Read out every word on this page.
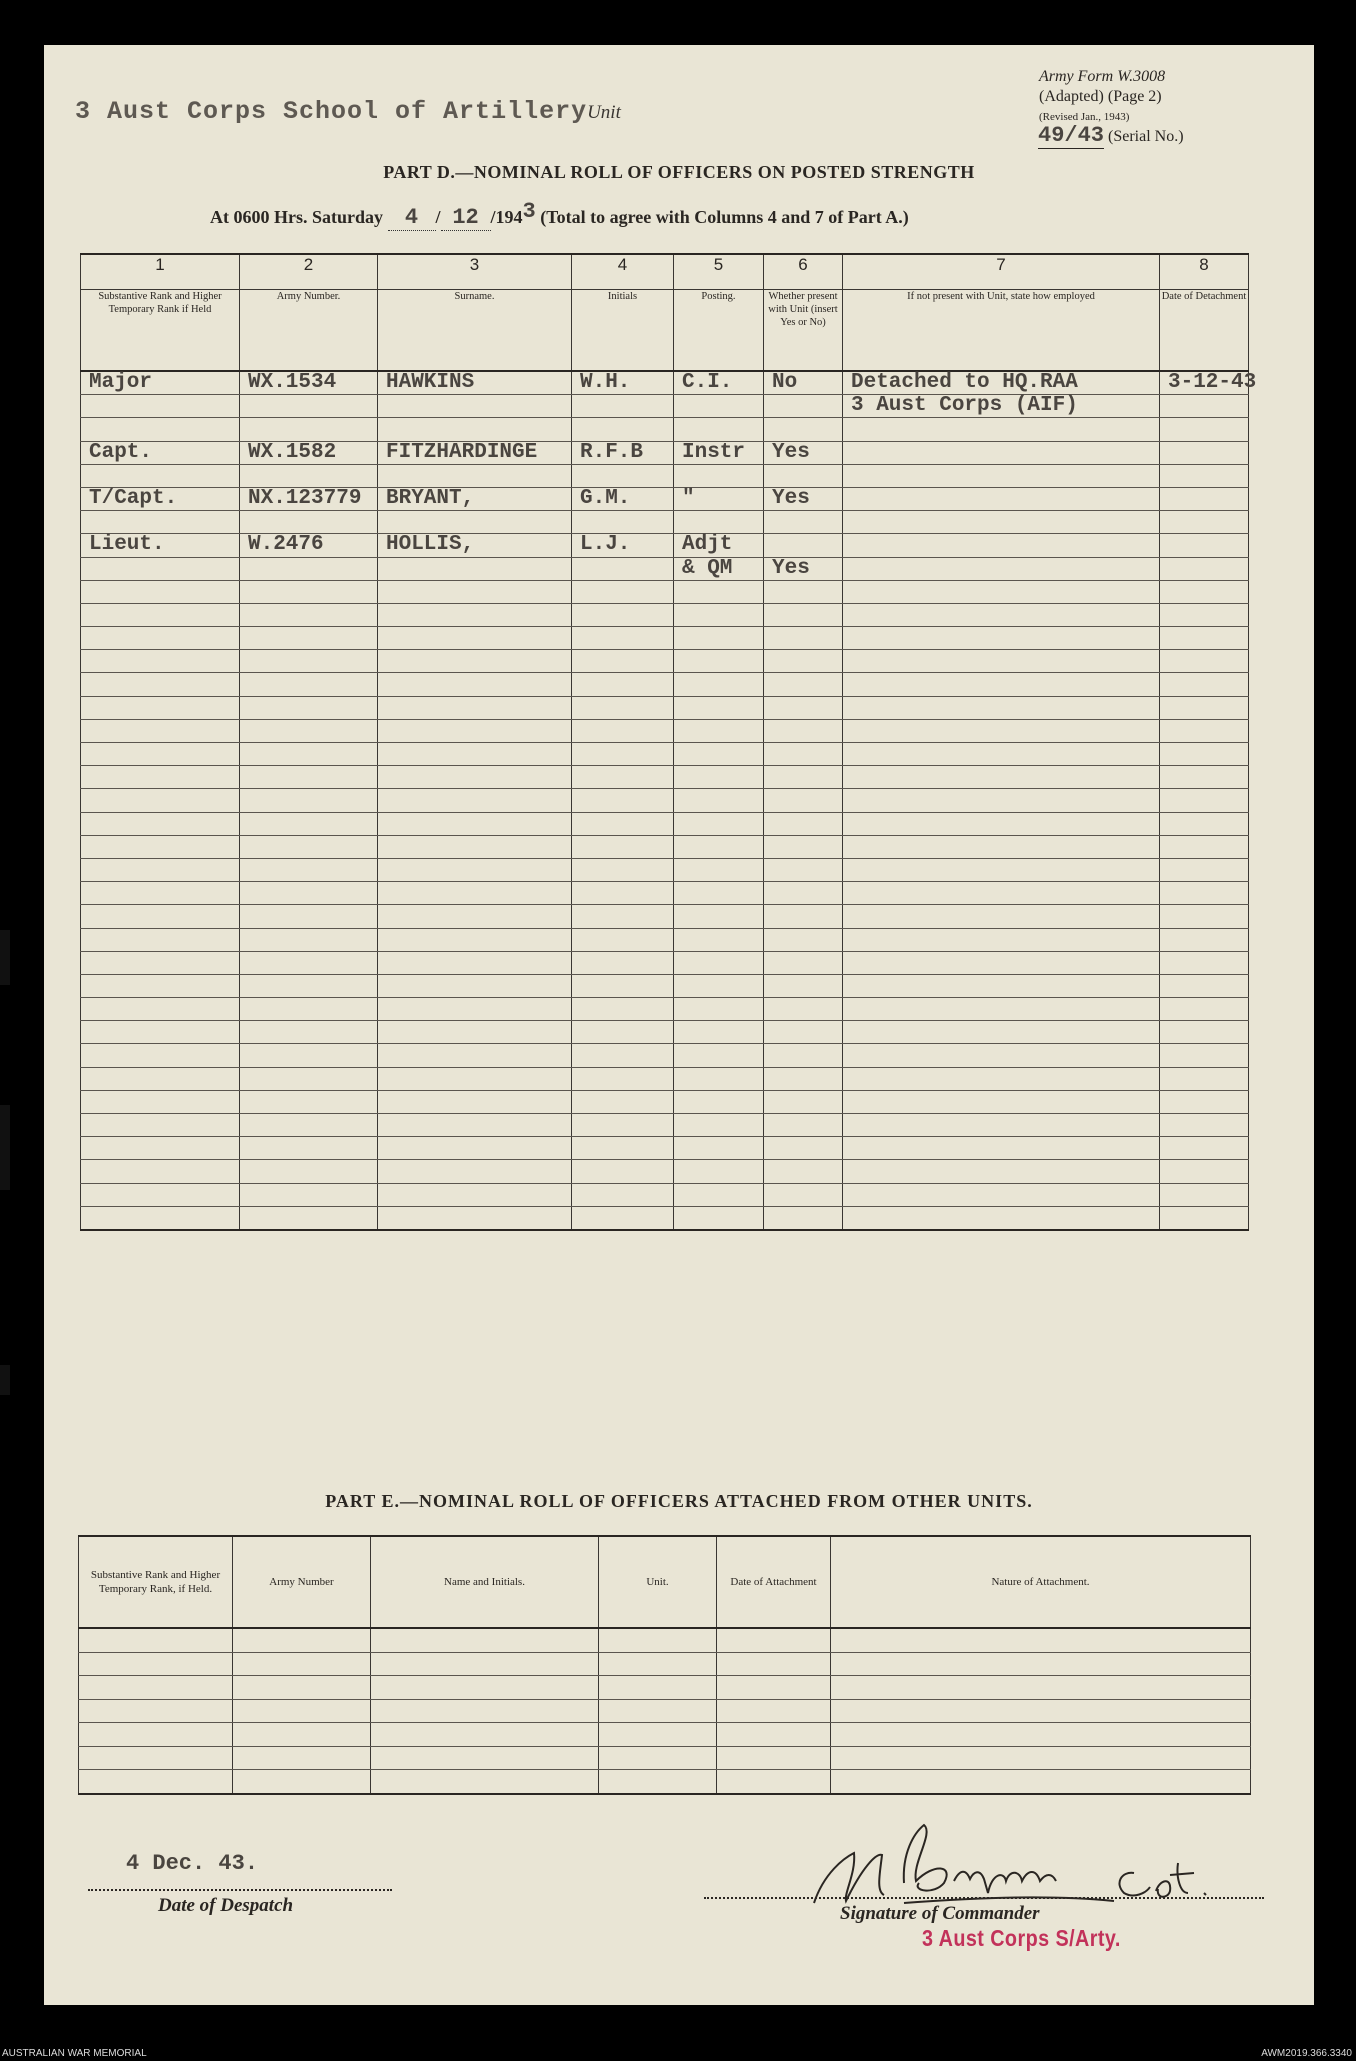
3 Aust Corps School of ArtilleryUnit
Army Form W.3008
(Adapted) (Page 2)
(Revised Jan., 1943)
49/43 (Serial No.)
PART D.—NOMINAL ROLL OF OFFICERS ON POSTED STRENGTH
At 0600 Hrs. Saturday 4 / 12 /1943 (Total to agree with Columns 4 and 7 of Part A.)
1	2	3	4	5	6	7	8
Substantive Rank and Higher Temporary Rank if Held	Army Number.	Surname.	Initials	Posting.	Whether present with Unit (insert Yes or No)	If not present with Unit, state how employed	Date of Detachment
Major	WX.1534	HAWKINS	W.H.	C.I.	No	Detached to HQ.RAA	3-12-43
						3 Aust Corps (AIF)	

Capt.	WX.1582	FITZHARDINGE	R.F.B	Instr	Yes		

T/Capt.	NX.123779	BRYANT,	G.M.	"	Yes		

Lieut.	W.2476	HOLLIS,	L.J.	Adjt			
				& QM	Yes		

PART E.—NOMINAL ROLL OF OFFICERS ATTACHED FROM OTHER UNITS.
Substantive Rank and Higher Temporary Rank, if Held.	Army Number	Name and Initials.	Unit.	Date of Attachment	Nature of Attachment.

4 Dec. 43.
Date of Despatch	Signature of Commander
3 Aust Corps S/Arty.
AUSTRALIAN WAR MEMORIAL	AWM2019.366.3340
